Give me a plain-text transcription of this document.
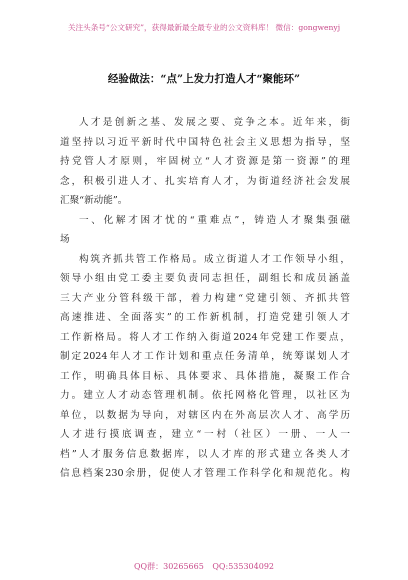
关注头条号“公文研究”，获得最新最全最专业的公文资料库！ 微信：gongwenyj
经验做法：“点”上发力打造人才“聚能环”
人才是创新之基、发展之要、竞争之本。近年来，街
道坚持以习近平新时代中国特色社会主义思想为指导，坚
持党管人才原则，牢固树立“人才资源是第一资源”的理
念，积极引进人才、扎实培育人才，为街道经济社会发展
汇聚“新动能”。
一、化解才困才忧的“重难点”，铸造人才聚集强磁
场
构筑齐抓共管工作格局。成立街道人才工作领导小组，
领导小组由党工委主要负责同志担任，副组长和成员涵盖
三大产业分管科级干部，着力构建“党建引领、齐抓共管
高速推进、全面落实”的工作新机制，打造党建引领人才
工作新格局。将人才工作纳入街道2024年党建工作要点，
制定2024年人才工作计划和重点任务清单，统筹谋划人才
工作，明确具体目标、具体要求、具体措施，凝聚工作合
力。建立人才动态管理机制。依托网格化管理，以社区为
单位，以数据为导向，对辖区内在外高层次人才、高学历
人才进行摸底调查，建立“一村（社区）一册、一人一
档”人才服务信息数据库，以人才库的形式建立各类人才
信息档案230余册，促使人才管理工作科学化和规范化。构
QQ群：30265665 QQ:535304092
